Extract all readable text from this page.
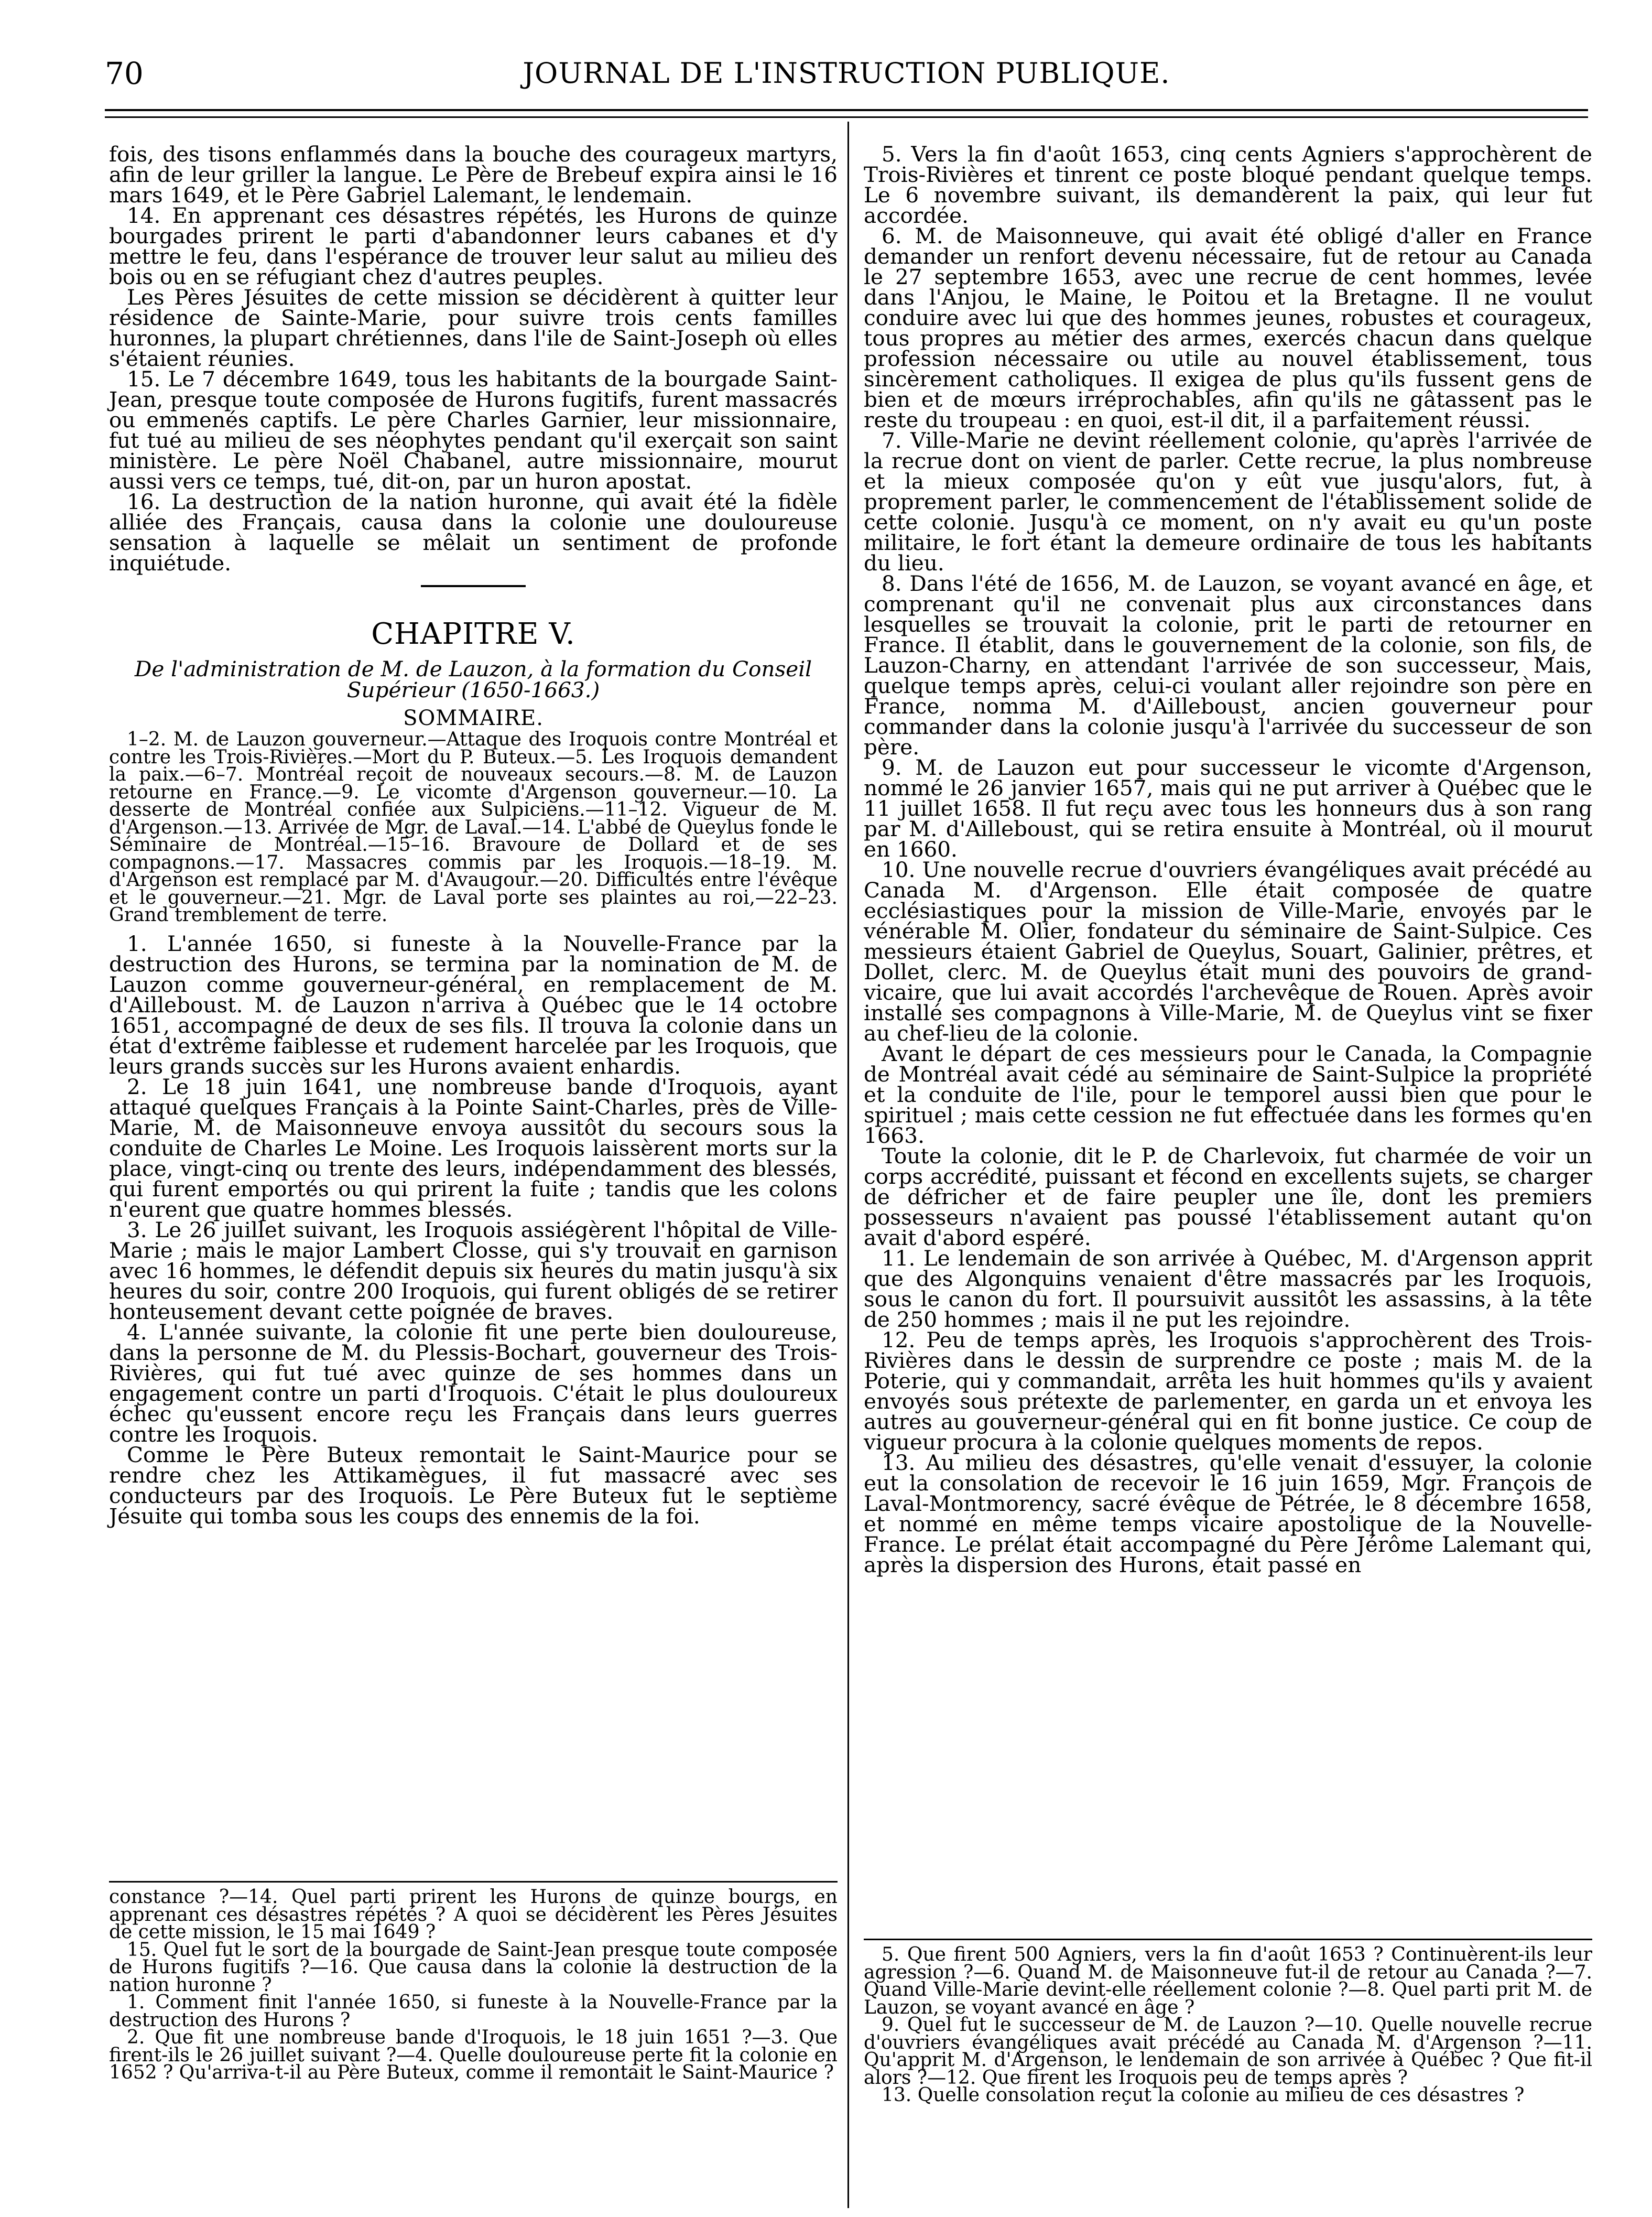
70	JOURNAL DE L'INSTRUCTION PUBLIQUE.

fois, des tisons enflammés dans la bouche des courageux martyrs, afin de leur griller la langue. Le Père de Brebeuf expira ainsi le 16 mars 1649, et le Père Gabriel Lalemant, le lendemain.

14. En apprenant ces désastres répétés, les Hurons de quinze bourgades prirent le parti d'abandonner leurs cabanes et d'y mettre le feu, dans l'espérance de trouver leur salut au milieu des bois ou en se réfugiant chez d'autres peuples.

Les Pères Jésuites de cette mission se décidèrent à quitter leur résidence de Sainte-Marie, pour suivre trois cents familles huronnes, la plupart chrétiennes, dans l'ile de Saint-Joseph où elles s'étaient réunies.

15. Le 7 décembre 1649, tous les habitants de la bourgade Saint-Jean, presque toute composée de Hurons fugitifs, furent massacrés ou emmenés captifs. Le père Charles Garnier, leur missionnaire, fut tué au milieu de ses néophytes pendant qu'il exerçait son saint ministère. Le père Noël Chabanel, autre missionnaire, mourut aussi vers ce temps, tué, dit-on, par un huron apostat.

16. La destruction de la nation huronne, qui avait été la fidèle alliée des Français, causa dans la colonie une douloureuse sensation à laquelle se mêlait un sentiment de profonde inquiétude.

CHAPITRE V.
De l'administration de M. de Lauzon, à la formation du Conseil Supérieur (1650-1663.)
SOMMAIRE.

1–2. M. de Lauzon gouverneur.—Attaque des Iroquois contre Montréal et contre les Trois-Rivières.—Mort du P. Buteux.—5. Les Iroquois demandent la paix.—6–7. Montréal reçoit de nouveaux secours.—8. M. de Lauzon retourne en France.—9. Le vicomte d'Argenson gouverneur.—10. La desserte de Montréal confiée aux Sulpiciens.—11–12. Vigueur de M. d'Argenson.—13. Arrivée de Mgr. de Laval.—14. L'abbé de Queylus fonde le Séminaire de Montréal.—15–16. Bravoure de Dollard et de ses compagnons.—17. Massacres commis par les Iroquois.—18–19. M. d'Argenson est remplacé par M. d'Avaugour.—20. Difficultés entre l'évêque et le gouverneur.—21. Mgr. de Laval porte ses plaintes au roi,—22–23. Grand tremblement de terre.

1. L'année 1650, si funeste à la Nouvelle-France par la destruction des Hurons, se termina par la nomination de M. de Lauzon comme gouverneur-général, en remplacement de M. d'Ailleboust. M. de Lauzon n'arriva à Québec que le 14 octobre 1651, accompagné de deux de ses fils. Il trouva la colonie dans un état d'extrême faiblesse et rudement harcelée par les Iroquois, que leurs grands succès sur les Hurons avaient enhardis.

2. Le 18 juin 1641, une nombreuse bande d'Iroquois, ayant attaqué quelques Français à la Pointe Saint-Charles, près de Ville-Marie, M. de Maisonneuve envoya aussitôt du secours sous la conduite de Charles Le Moine. Les Iroquois laissèrent morts sur la place, vingt-cinq ou trente des leurs, indépendamment des blessés, qui furent emportés ou qui prirent la fuite ; tandis que les colons n'eurent que quatre hommes blessés.

3. Le 26 juillet suivant, les Iroquois assiégèrent l'hôpital de Ville-Marie ; mais le major Lambert Closse, qui s'y trouvait en garnison avec 16 hommes, le défendit depuis six heures du matin jusqu'à six heures du soir, contre 200 Iroquois, qui furent obligés de se retirer honteusement devant cette poignée de braves.

4. L'année suivante, la colonie fit une perte bien douloureuse, dans la personne de M. du Plessis-Bochart, gouverneur des Trois-Rivières, qui fut tué avec quinze de ses hommes dans un engagement contre un parti d'Iroquois. C'était le plus douloureux échec qu'eussent encore reçu les Français dans leurs guerres contre les Iroquois.

Comme le Père Buteux remontait le Saint-Maurice pour se rendre chez les Attikamègues, il fut massacré avec ses conducteurs par des Iroquois. Le Père Buteux fut le septième Jésuite qui tomba sous les coups des ennemis de la foi.

constance ?—14. Quel parti prirent les Hurons de quinze bourgs, en apprenant ces désastres répétés ? A quoi se décidèrent les Pères Jésuites de cette mission, le 15 mai 1649 ?

15. Quel fut le sort de la bourgade de Saint-Jean presque toute composée de Hurons fugitifs ?—16. Que causa dans la colonie la destruction de la nation huronne ?

1. Comment finit l'année 1650, si funeste à la Nouvelle-France par la destruction des Hurons ?

2. Que fit une nombreuse bande d'Iroquois, le 18 juin 1651 ?—3. Que firent-ils le 26 juillet suivant ?—4. Quelle douloureuse perte fit la colonie en 1652 ? Qu'arriva-t-il au Père Buteux, comme il remontait le Saint-Maurice ?

5. Vers la fin d'août 1653, cinq cents Agniers s'approchèrent de Trois-Rivières et tinrent ce poste bloqué pendant quelque temps. Le 6 novembre suivant, ils demandèrent la paix, qui leur fut accordée.

6. M. de Maisonneuve, qui avait été obligé d'aller en France demander un renfort devenu nécessaire, fut de retour au Canada le 27 septembre 1653, avec une recrue de cent hommes, levée dans l'Anjou, le Maine, le Poitou et la Bretagne. Il ne voulut conduire avec lui que des hommes jeunes, robustes et courageux, tous propres au métier des armes, exercés chacun dans quelque profession nécessaire ou utile au nouvel établissement, tous sincèrement catholiques. Il exigea de plus qu'ils fussent gens de bien et de mœurs irréprochables, afin qu'ils ne gâtassent pas le reste du troupeau : en quoi, est-il dit, il a parfaitement réussi.

7. Ville-Marie ne devint réellement colonie, qu'après l'arrivée de la recrue dont on vient de parler. Cette recrue, la plus nombreuse et la mieux composée qu'on y eût vue jusqu'alors, fut, à proprement parler, le commencement de l'établissement solide de cette colonie. Jusqu'à ce moment, on n'y avait eu qu'un poste militaire, le fort étant la demeure ordinaire de tous les habitants du lieu.

8. Dans l'été de 1656, M. de Lauzon, se voyant avancé en âge, et comprenant qu'il ne convenait plus aux circonstances dans lesquelles se trouvait la colonie, prit le parti de retourner en France. Il établit, dans le gouvernement de la colonie, son fils, de Lauzon-Charny, en attendant l'arrivée de son successeur, Mais, quelque temps après, celui-ci voulant aller rejoindre son père en France, nomma M. d'Ailleboust, ancien gouverneur pour commander dans la colonie jusqu'à l'arrivée du successeur de son père.

9. M. de Lauzon eut pour successeur le vicomte d'Argenson, nommé le 26 janvier 1657, mais qui ne put arriver à Québec que le 11 juillet 1658. Il fut reçu avec tous les honneurs dus à son rang par M. d'Ailleboust, qui se retira ensuite à Montréal, où il mourut en 1660.

10. Une nouvelle recrue d'ouvriers évangéliques avait précédé au Canada M. d'Argenson. Elle était composée de quatre ecclésiastiques pour la mission de Ville-Marie, envoyés par le vénérable M. Olier, fondateur du séminaire de Saint-Sulpice. Ces messieurs étaient Gabriel de Queylus, Souart, Galinier, prêtres, et Dollet, clerc. M. de Queylus était muni des pouvoirs de grand-vicaire, que lui avait accordés l'archevêque de Rouen. Après avoir installé ses compagnons à Ville-Marie, M. de Queylus vint se fixer au chef-lieu de la colonie.

Avant le départ de ces messieurs pour le Canada, la Compagnie de Montréal avait cédé au séminaire de Saint-Sulpice la propriété et la conduite de l'ile, pour le temporel aussi bien que pour le spirituel ; mais cette cession ne fut effectuée dans les formes qu'en 1663.

Toute la colonie, dit le P. de Charlevoix, fut charmée de voir un corps accrédité, puissant et fécond en excellents sujets, se charger de défricher et de faire peupler une île, dont les premiers possesseurs n'avaient pas poussé l'établissement autant qu'on avait d'abord espéré.

11. Le lendemain de son arrivée à Québec, M. d'Argenson apprit que des Algonquins venaient d'être massacrés par les Iroquois, sous le canon du fort. Il poursuivit aussitôt les assassins, à la tête de 250 hommes ; mais il ne put les rejoindre.

12. Peu de temps après, les Iroquois s'approchèrent des Trois-Rivières dans le dessin de surprendre ce poste ; mais M. de la Poterie, qui y commandait, arrêta les huit hommes qu'ils y avaient envoyés sous prétexte de parlementer, en garda un et envoya les autres au gouverneur-général qui en fit bonne justice. Ce coup de vigueur procura à la colonie quelques moments de repos.

13. Au milieu des désastres, qu'elle venait d'essuyer, la colonie eut la consolation de recevoir le 16 juin 1659, Mgr. François de Laval-Montmorency, sacré évêque de Pétrée, le 8 décembre 1658, et nommé en même temps vicaire apostolique de la Nouvelle-France. Le prélat était accompagné du Père Jérôme Lalemant qui, après la dispersion des Hurons, était passé en

5. Que firent 500 Agniers, vers la fin d'août 1653 ? Continuèrent-ils leur agression ?—6. Quand M. de Maisonneuve fut-il de retour au Canada ?—7. Quand Ville-Marie devint-elle réellement colonie ?—8. Quel parti prit M. de Lauzon, se voyant avancé en âge ?

9. Quel fut le successeur de M. de Lauzon ?—10. Quelle nouvelle recrue d'ouvriers évangéliques avait précédé au Canada M. d'Argenson ?—11. Qu'apprit M. d'Argenson, le lendemain de son arrivée à Québec ? Que fit-il alors ?—12. Que firent les Iroquois peu de temps après ?

13. Quelle consolation reçut la colonie au milieu de ces désastres ?
